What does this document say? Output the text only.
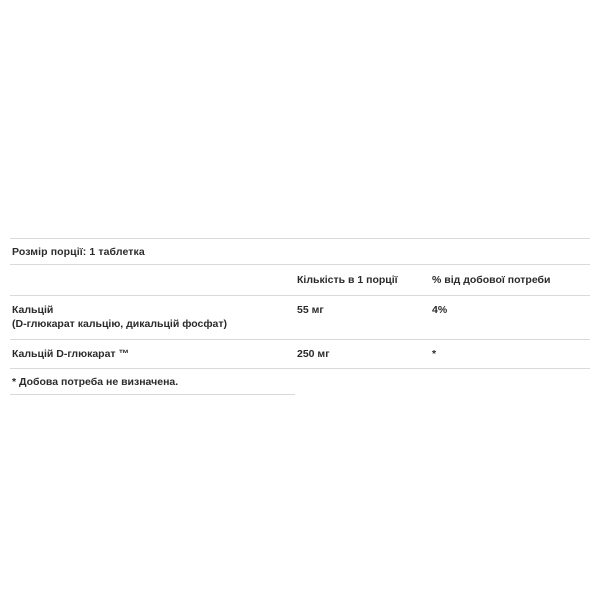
Розмір порції: 1 таблетка
	Кількість в 1 порції	% від добової потреби

Кальцій
(D-глюкарат кальцію, дикальцій фосфат)	55 мг	4%

Кальцій D-глюкарат ™	250 мг	*
* Добова потреба не визначена.
